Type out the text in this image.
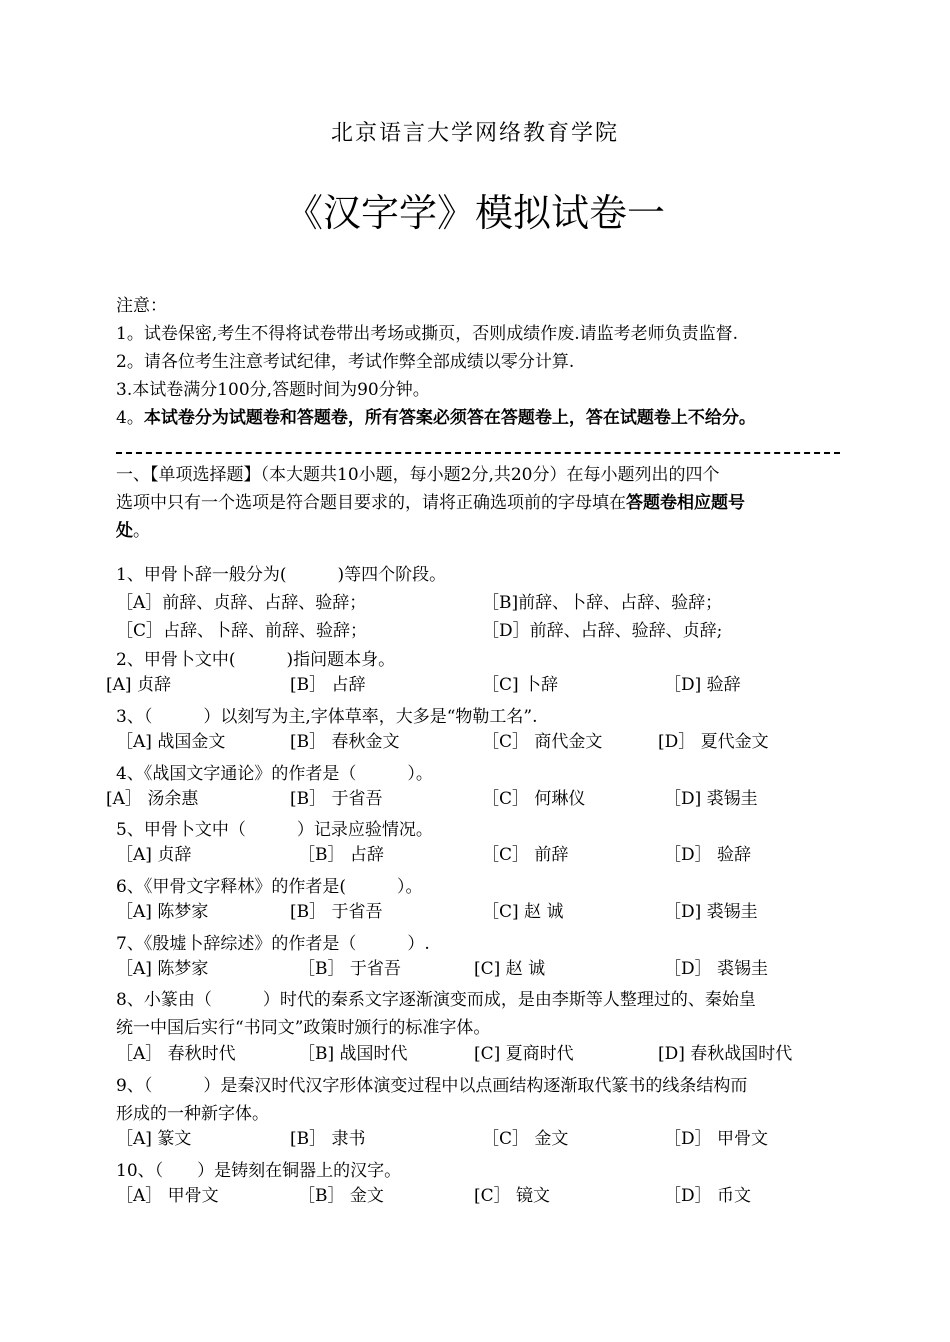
北京语言大学网络教育学院
《汉字学》模拟试卷一
注意：
1。试卷保密,考生不得将试卷带出考场或撕页，否则成绩作废.请监考老师负责监督.
2。请各位考生注意考试纪律，考试作弊全部成绩以零分计算.
3.本试卷满分100分,答题时间为90分钟。
4。本试卷分为试题卷和答题卷，所有答案必须答在答题卷上，答在试题卷上不给分。
一、【单项选择题】（本大题共10小题，每小题2分,共20分）在每小题列出的四个
选项中只有一个选项是符合题目要求的，请将正确选项前的字母填在答题卷相应题号
处。
1、甲骨卜辞一般分为(　　　)等四个阶段。
［A］前辞、贞辞、占辞、验辞；	［B]前辞、卜辞、占辞、验辞；
［C］占辞、卜辞、前辞、验辞；	［D］前辞、占辞、验辞、贞辞;
2、甲骨卜文中(　　　)指问题本身。
[A] 贞辞	[B］ 占辞	［C] 卜辞	［D] 验辞
3、（　　　）以刻写为主,字体草率，大多是“物勒工名”.
［A] 战国金文	[B］ 春秋金文	［C］ 商代金文	[D］ 夏代金文
4、《战国文字通论》的作者是（　　　）。
[A］ 汤余惠	[B］ 于省吾	［C］ 何琳仪	［D] 裘锡圭
5、甲骨卜文中（　　　）记录应验情况。
［A] 贞辞	［B］ 占辞	［C］ 前辞	［D］ 验辞
6、《甲骨文字释林》的作者是(　　　）。
［A] 陈梦家	[B］ 于省吾	［C] 赵 诚	［D] 裘锡圭
7、《殷墟卜辞综述》的作者是（　　　）.
［A] 陈梦家	［B］ 于省吾	[C] 赵 诚	［D］ 裘锡圭
8、小篆由（　　　）时代的秦系文字逐渐演变而成，是由李斯等人整理过的、秦始皇
统一中国后实行“书同文”政策时颁行的标准字体。
［A］ 春秋时代	［B] 战国时代	[C] 夏商时代	[D] 春秋战国时代
9、（　　　）是秦汉时代汉字形体演变过程中以点画结构逐渐取代篆书的线条结构而
形成的一种新字体。
［A] 篆文	[B］ 隶书	［C］ 金文	［D］ 甲骨文
10、（　　）是铸刻在铜器上的汉字。
［A］ 甲骨文	［B］ 金文	[C］ 镜文	［D］ 币文
